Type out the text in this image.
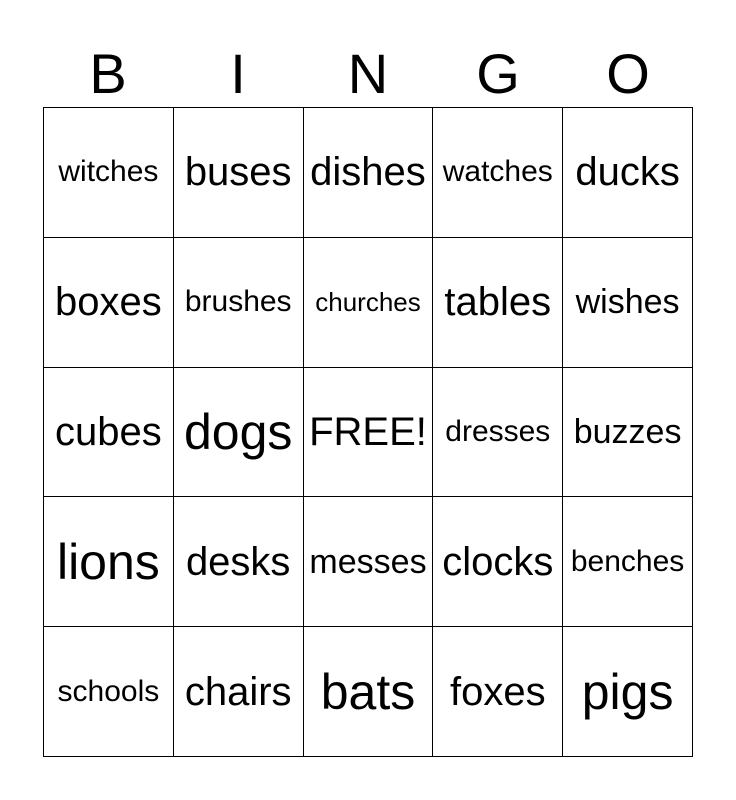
B	I	N	G	O
witches buses dishes watches ducks
boxes brushes churches tables wishes
cubes dogs FREE! dresses buzzes
lions desks messes clocks benches
schools chairs bats foxes pigs
